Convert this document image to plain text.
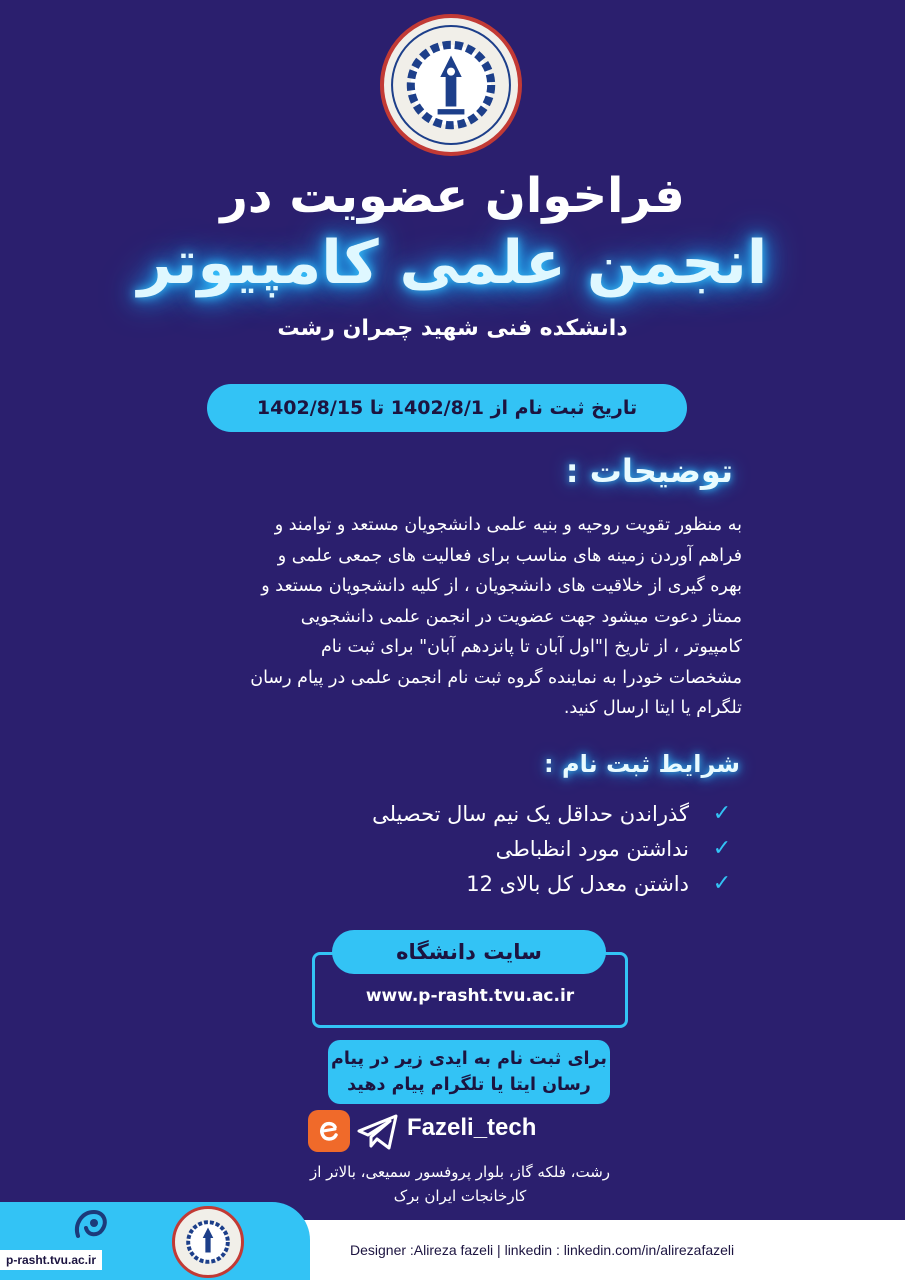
فراخوان عضویت در
انجمن علمی کامپیوتر
دانشکده فنی شهید چمران رشت
تاریخ ثبت نام از 1402/8/1 تا 1402/8/15
توضیحات :
به منظور تقویت روحیه و بنیه علمی دانشجویان مستعد و توامند و
فراهم آوردن زمینه های مناسب برای فعالیت های جمعی علمی و
بهره گیری از خلاقیت های دانشجویان ، از کلیه دانشجویان مستعد و
ممتاز دعوت میشود جهت عضویت در انجمن علمی دانشجویی
کامپیوتر ، از تاریخ |"اول آبان تا پانزدهم آبان" برای ثبت نام
مشخصات خودرا به نماینده گروه ثبت نام انجمن علمی در پیام رسان
تلگرام یا ایتا ارسال کنید.
شرایط ثبت نام :
✓
گذراندن حداقل یک نیم سال تحصیلی
✓
نداشتن مورد انظباطی
✓
داشتن معدل کل بالای 12
سایت دانشگاه
www.p-rasht.tvu.ac.ir
برای ثبت نام به ایدی زیر در پیام
رسان ایتا یا تلگرام پیام دهید
Fazeli_tech
رشت، فلکه گاز، بلوار پروفسور سمیعی، بالاتر از
کارخانجات ایران برک
Designer :Alireza fazeli | linkedin : linkedin.com/in/alirezafazeli
p-rasht.tvu.ac.ir
